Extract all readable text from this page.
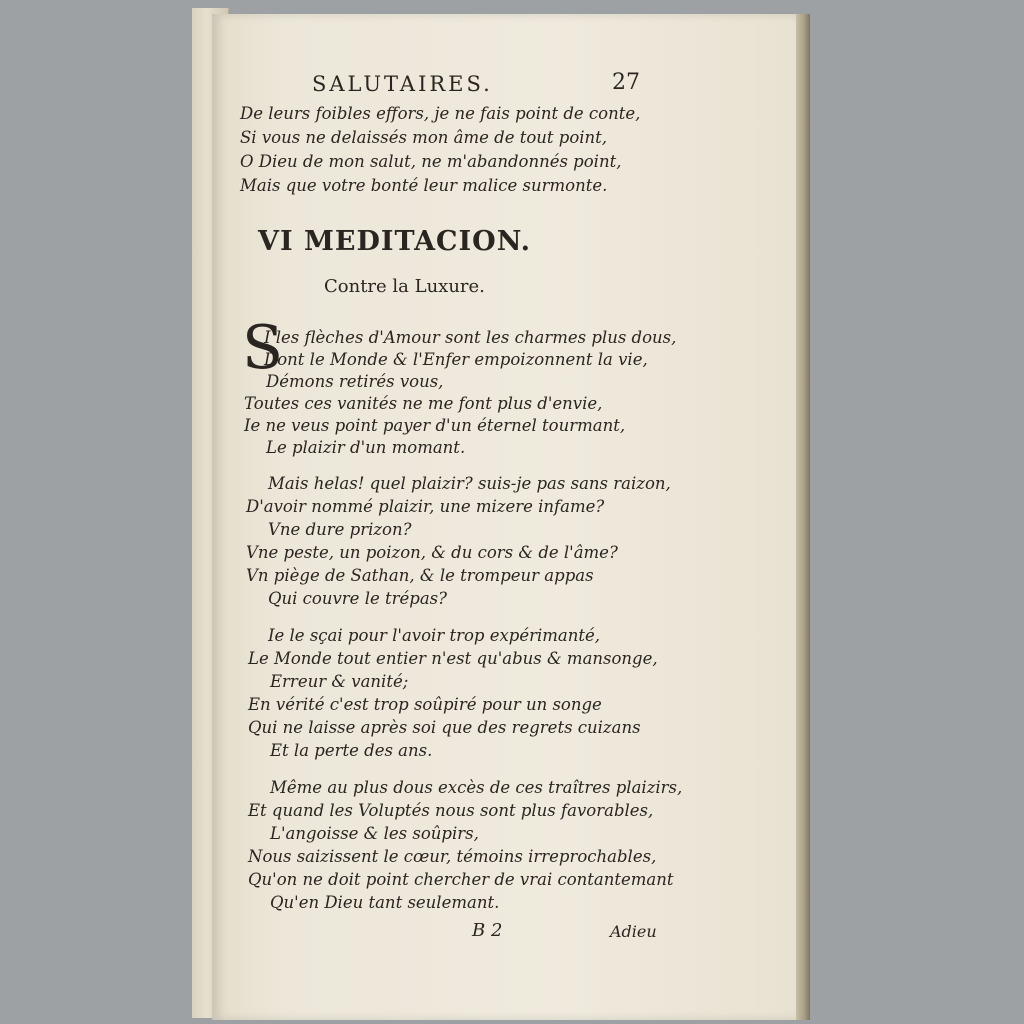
SALUTAIRES.	27
De leurs foibles effors, je ne fais point de conte,
Si vous ne delaissés mon âme de tout point,
O Dieu de mon salut, ne m'abandonnés point,
Mais que votre bonté leur malice surmonte.
VI MEDITACION.
Contre la Luxure.
S
I les flèches d'Amour sont les charmes plus dous,
Dont le Monde & l'Enfer empoizonnent la vie,
Démons retirés vous,
Toutes ces vanités ne me font plus d'envie,
Ie ne veus point payer d'un éternel tourmant,
Le plaizir d'un momant.
Mais helas! quel plaizir? suis-je pas sans raizon,
D'avoir nommé plaizir, une mizere infame?
Vne dure prizon?
Vne peste, un poizon, & du cors & de l'âme?
Vn piège de Sathan, & le trompeur appas
Qui couvre le trépas?
Ie le sçai pour l'avoir trop expérimanté,
Le Monde tout entier n'est qu'abus & mansonge,
Erreur & vanité;
En vérité c'est trop soûpiré pour un songe
Qui ne laisse après soi que des regrets cuizans
Et la perte des ans.
Même au plus dous excès de ces traîtres plaizirs,
Et quand les Voluptés nous sont plus favorables,
L'angoisse & les soûpirs,
Nous saizissent le cœur, témoins irreprochables,
Qu'on ne doit point chercher de vrai contantemant
Qu'en Dieu tant seulemant.
B 2	Adieu
